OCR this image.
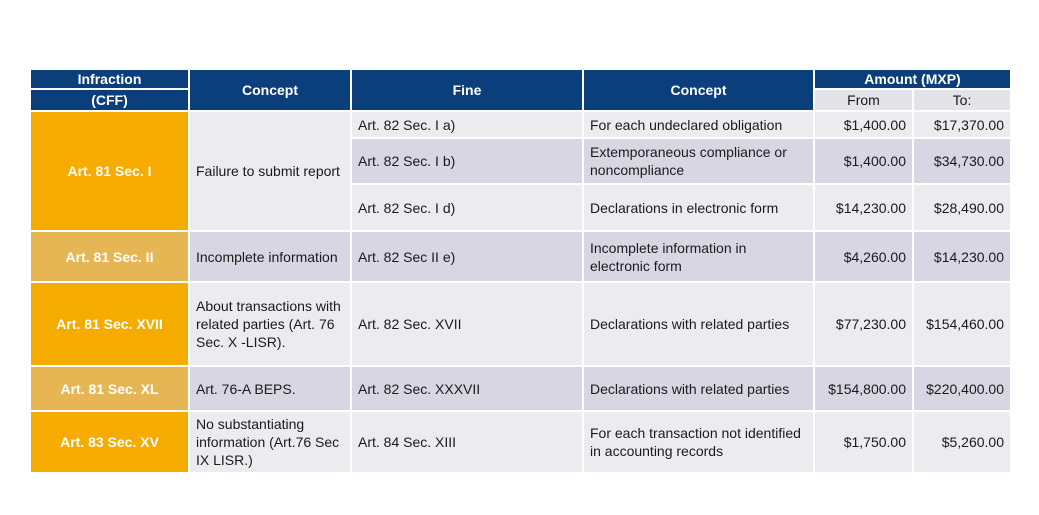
Infraction	Concept	Fine	Concept	Amount (MXP)	
(CFF)				From	To:
Art. 81 Sec. I	Failure to submit report	Art. 82 Sec. I a)	For each undeclared obligation	$1,400.00	$17,370.00
		Art. 82 Sec. I b)	Extemporaneous compliance or noncompliance	$1,400.00	$34,730.00
		Art. 82 Sec. I d)	Declarations in electronic form	$14,230.00	$28,490.00
Art. 81 Sec. II	Incomplete information	Art. 82 Sec II e)	Incomplete information in electronic form	$4,260.00	$14,230.00
Art. 81 Sec. XVII	About transactions with related parties (Art. 76 Sec. X -LISR).	Art. 82 Sec. XVII	Declarations with related parties	$77,230.00	$154,460.00
Art. 81 Sec. XL	Art. 76-A BEPS.	Art. 82 Sec. XXXVII	Declarations with related parties	$154,800.00	$220,400.00
Art. 83 Sec. XV	No substantiating information (Art.76 Sec IX LISR.)	Art. 84 Sec. XIII	For each transaction not identified in accounting records	$1,750.00	$5,260.00
